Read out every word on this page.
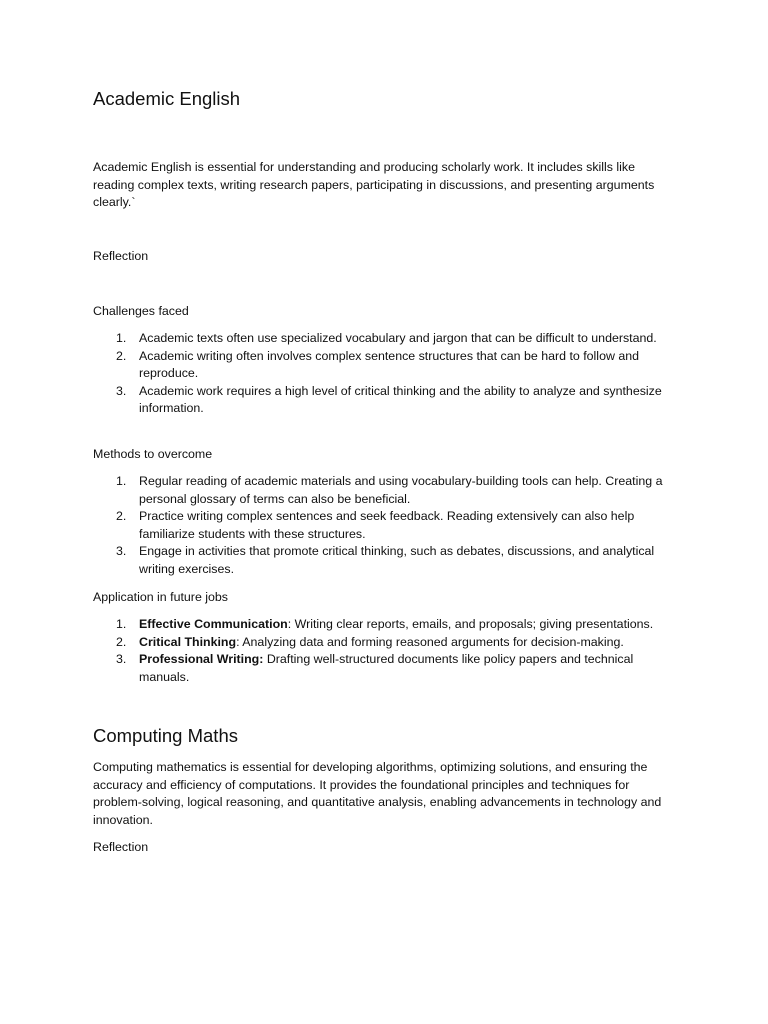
Academic English

Academic English is essential for understanding and producing scholarly work. It includes skills like reading complex texts, writing research papers, participating in discussions, and presenting arguments clearly.`

Reflection

Challenges faced

1. Academic texts often use specialized vocabulary and jargon that can be difficult to understand.
2. Academic writing often involves complex sentence structures that can be hard to follow and reproduce.
3. Academic work requires a high level of critical thinking and the ability to analyze and synthesize information.

Methods to overcome

1. Regular reading of academic materials and using vocabulary-building tools can help. Creating a personal glossary of terms can also be beneficial.
2. Practice writing complex sentences and seek feedback. Reading extensively can also help familiarize students with these structures.
3. Engage in activities that promote critical thinking, such as debates, discussions, and analytical writing exercises.

Application in future jobs

1. Effective Communication: Writing clear reports, emails, and proposals; giving presentations.
2. Critical Thinking: Analyzing data and forming reasoned arguments for decision-making.
3. Professional Writing: Drafting well-structured documents like policy papers and technical manuals.
Computing Maths

Computing mathematics is essential for developing algorithms, optimizing solutions, and ensuring the accuracy and efficiency of computations. It provides the foundational principles and techniques for problem-solving, logical reasoning, and quantitative analysis, enabling advancements in technology and innovation.

Reflection
